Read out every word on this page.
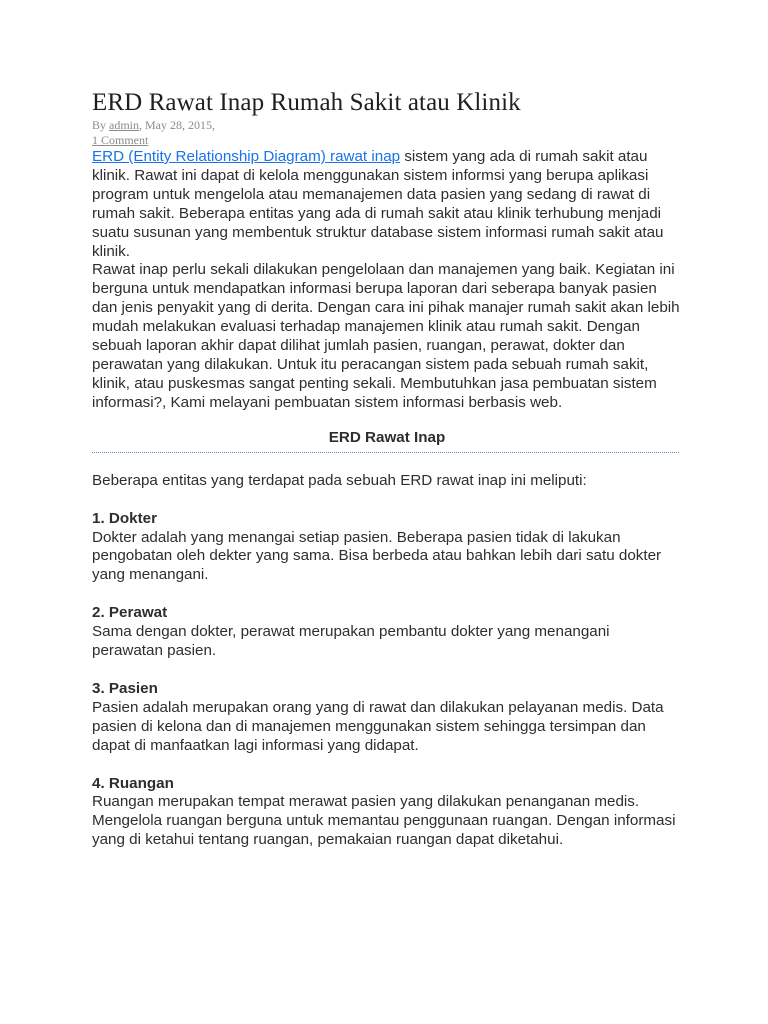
ERD Rawat Inap Rumah Sakit atau Klinik
By admin, May 28, 2015,
1 Comment

ERD (Entity Relationship Diagram) rawat inap sistem yang ada di rumah sakit atau klinik. Rawat ini dapat di kelola menggunakan sistem informsi yang berupa aplikasi program untuk mengelola atau memanajemen data pasien yang sedang di rawat di rumah sakit. Beberapa entitas yang ada di rumah sakit atau klinik terhubung menjadi suatu susunan yang membentuk struktur database sistem informasi rumah sakit atau klinik.

Rawat inap perlu sekali dilakukan pengelolaan dan manajemen yang baik. Kegiatan ini berguna untuk mendapatkan informasi berupa laporan dari seberapa banyak pasien dan jenis penyakit yang di derita. Dengan cara ini pihak manajer rumah sakit akan lebih mudah melakukan evaluasi terhadap manajemen klinik atau rumah sakit. Dengan sebuah laporan akhir dapat dilihat jumlah pasien, ruangan, perawat, dokter dan perawatan yang dilakukan. Untuk itu peracangan sistem pada sebuah rumah sakit, klinik, atau puskesmas sangat penting sekali. Membutuhkan jasa pembuatan sistem informasi?, Kami melayani pembuatan sistem informasi berbasis web.

ERD Rawat Inap

Beberapa entitas yang terdapat pada sebuah ERD rawat inap ini meliputi:

1. Dokter

Dokter adalah yang menangai setiap pasien. Beberapa pasien tidak di lakukan pengobatan oleh dekter yang sama. Bisa berbeda atau bahkan lebih dari satu dokter yang menangani.

2. Perawat

Sama dengan dokter, perawat merupakan pembantu dokter yang menangani perawatan pasien.

3. Pasien

Pasien adalah merupakan orang yang di rawat dan dilakukan pelayanan medis. Data pasien di kelona dan di manajemen menggunakan sistem sehingga tersimpan dan dapat di manfaatkan lagi informasi yang didapat.

4. Ruangan

Ruangan merupakan tempat merawat pasien yang dilakukan penanganan medis. Mengelola ruangan berguna untuk memantau penggunaan ruangan. Dengan informasi yang di ketahui tentang ruangan, pemakaian ruangan dapat diketahui.
